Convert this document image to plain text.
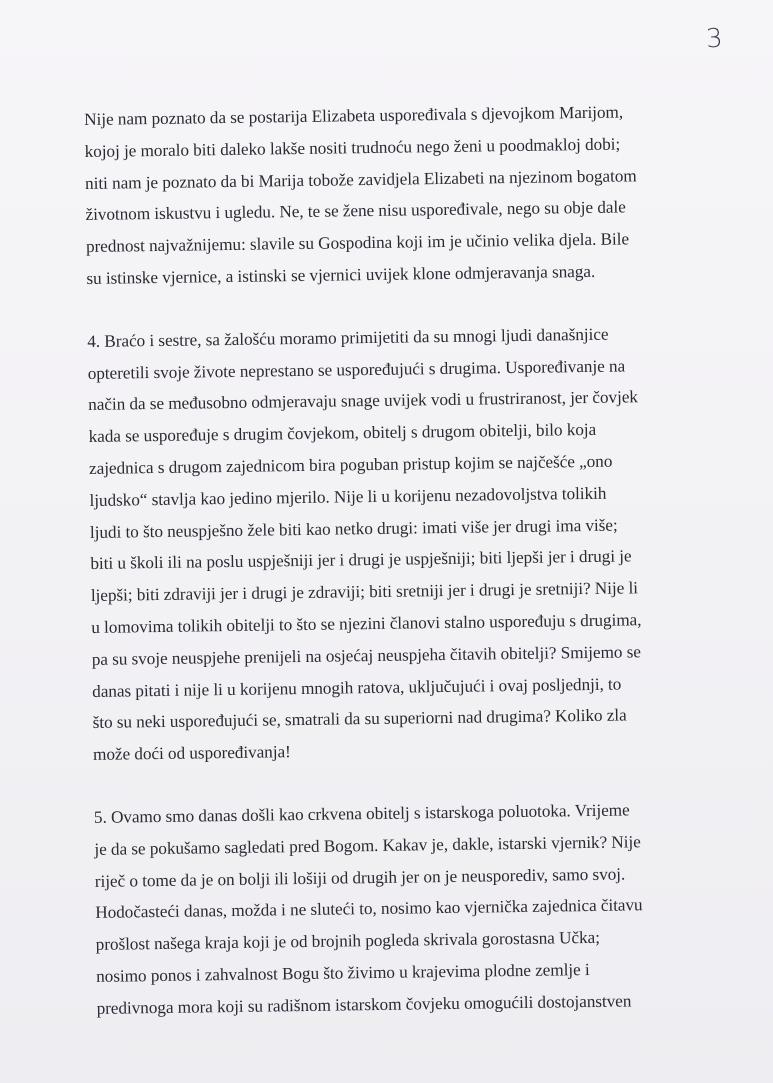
3
Nije nam poznato da se postarija Elizabeta uspoređivala s djevojkom Marijom,
kojoj je moralo biti daleko lakše nositi trudnoću nego ženi u poodmakloj dobi;
niti nam je poznato da bi Marija tobože zavidjela Elizabeti na njezinom bogatom
životnom iskustvu i ugledu. Ne, te se žene nisu uspoređivale, nego su obje dale
prednost najvažnijemu: slavile su Gospodina koji im je učinio velika djela. Bile
su istinske vjernice, a istinski se vjernici uvijek klone odmjeravanja snaga.
4. Braćo i sestre, sa žalošću moramo primijetiti da su mnogi ljudi današnjice
opteretili svoje živote neprestano se uspoređujući s drugima. Uspoređivanje na
način da se međusobno odmjeravaju snage uvijek vodi u frustriranost, jer čovjek
kada se uspoređuje s drugim čovjekom, obitelj s drugom obitelji, bilo koja
zajednica s drugom zajednicom bira poguban pristup kojim se najčešće „ono
ljudsko“ stavlja kao jedino mjerilo. Nije li u korijenu nezadovoljstva tolikih
ljudi to što neuspješno žele biti kao netko drugi: imati više jer drugi ima više;
biti u školi ili na poslu uspješniji jer i drugi je uspješniji; biti ljepši jer i drugi je
ljepši; biti zdraviji jer i drugi je zdraviji; biti sretniji jer i drugi je sretniji? Nije li
u lomovima tolikih obitelji to što se njezini članovi stalno uspoređuju s drugima,
pa su svoje neuspjehe prenijeli na osjećaj neuspjeha čitavih obitelji? Smijemo se
danas pitati i nije li u korijenu mnogih ratova, uključujući i ovaj posljednji, to
što su neki uspoređujući se, smatrali da su superiorni nad drugima? Koliko zla
može doći od uspoređivanja!
5. Ovamo smo danas došli kao crkvena obitelj s istarskoga poluotoka. Vrijeme
je da se pokušamo sagledati pred Bogom. Kakav je, dakle, istarski vjernik? Nije
riječ o tome da je on bolji ili lošiji od drugih jer on je neusporediv, samo svoj.
Hodočasteći danas, možda i ne sluteći to, nosimo kao vjernička zajednica čitavu
prošlost našega kraja koji je od brojnih pogleda skrivala gorostasna Učka;
nosimo ponos i zahvalnost Bogu što živimo u krajevima plodne zemlje i
predivnoga mora koji su radišnom istarskom čovjeku omogućili dostojanstven
